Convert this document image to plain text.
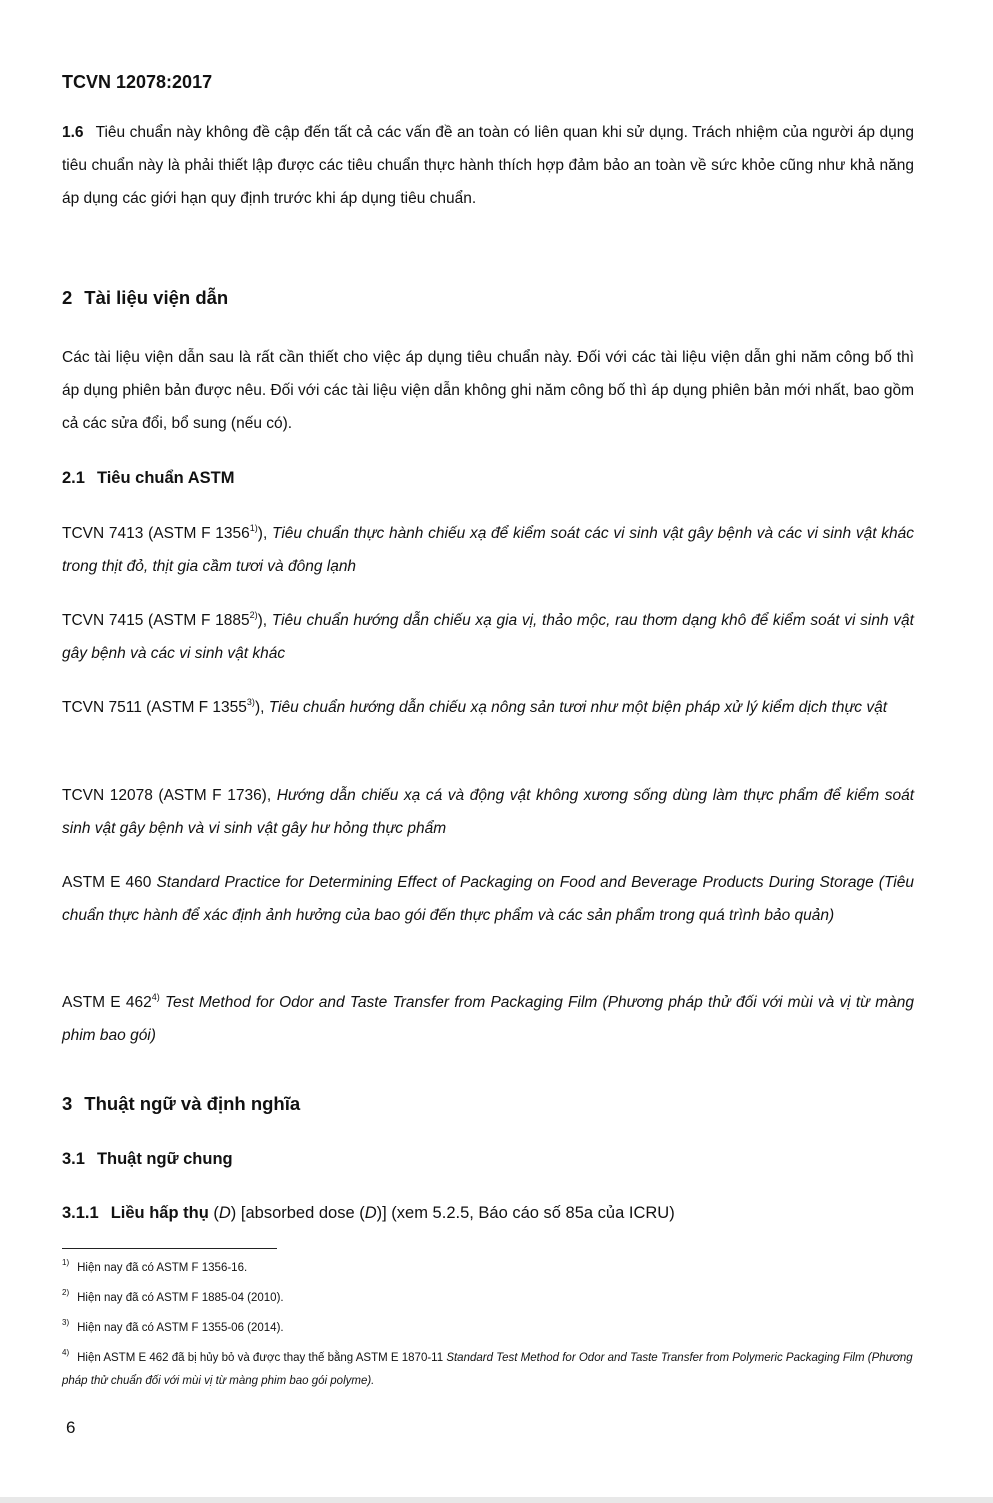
TCVN 12078:2017
1.6 Tiêu chuẩn này không đề cập đến tất cả các vấn đề an toàn có liên quan khi sử dụng. Trách nhiệm của người áp dụng tiêu chuẩn này là phải thiết lập được các tiêu chuẩn thực hành thích hợp đảm bảo an toàn về sức khỏe cũng như khả năng áp dụng các giới hạn quy định trước khi áp dụng tiêu chuẩn.
2 Tài liệu viện dẫn
Các tài liệu viện dẫn sau là rất cần thiết cho việc áp dụng tiêu chuẩn này. Đối với các tài liệu viện dẫn ghi năm công bố thì áp dụng phiên bản được nêu. Đối với các tài liệu viện dẫn không ghi năm công bố thì áp dụng phiên bản mới nhất, bao gồm cả các sửa đổi, bổ sung (nếu có).
2.1 Tiêu chuẩn ASTM
TCVN 7413 (ASTM F 1356$^{1)}$), Tiêu chuẩn thực hành chiếu xạ để kiểm soát các vi sinh vật gây bệnh và các vi sinh vật khác trong thịt đỏ, thịt gia cầm tươi và đông lạnh
TCVN 7415 (ASTM F 1885$^{2)}$), Tiêu chuẩn hướng dẫn chiếu xạ gia vị, thảo mộc, rau thơm dạng khô để kiểm soát vi sinh vật gây bệnh và các vi sinh vật khác
TCVN 7511 (ASTM F 1355$^{3)}$), Tiêu chuẩn hướng dẫn chiếu xạ nông sản tươi như một biện pháp xử lý kiểm dịch thực vật
TCVN 12078 (ASTM F 1736), Hướng dẫn chiếu xạ cá và động vật không xương sống dùng làm thực phẩm để kiểm soát sinh vật gây bệnh và vi sinh vật gây hư hỏng thực phẩm
ASTM E 460 Standard Practice for Determining Effect of Packaging on Food and Beverage Products During Storage (Tiêu chuẩn thực hành để xác định ảnh hưởng của bao gói đến thực phẩm và các sản phẩm trong quá trình bảo quản)
ASTM E 462$^{4)}$ Test Method for Odor and Taste Transfer from Packaging Film (Phương pháp thử đối với mùi và vị từ màng phim bao gói)
3 Thuật ngữ và định nghĩa
3.1 Thuật ngữ chung
3.1.1 Liều hấp thụ (D) [absorbed dose (D)] (xem 5.2.5, Báo cáo số 85a của ICRU)
$^{1)}$ Hiện nay đã có ASTM F 1356-16.
$^{2)}$ Hiện nay đã có ASTM F 1885-04 (2010).
$^{3)}$ Hiện nay đã có ASTM F 1355-06 (2014).
$^{4)}$ Hiện ASTM E 462 đã bị hủy bỏ và được thay thế bằng ASTM E 1870-11 Standard Test Method for Odor and Taste Transfer from Polymeric Packaging Film (Phương pháp thử chuẩn đối với mùi vị từ màng phim bao gói polyme).
6
